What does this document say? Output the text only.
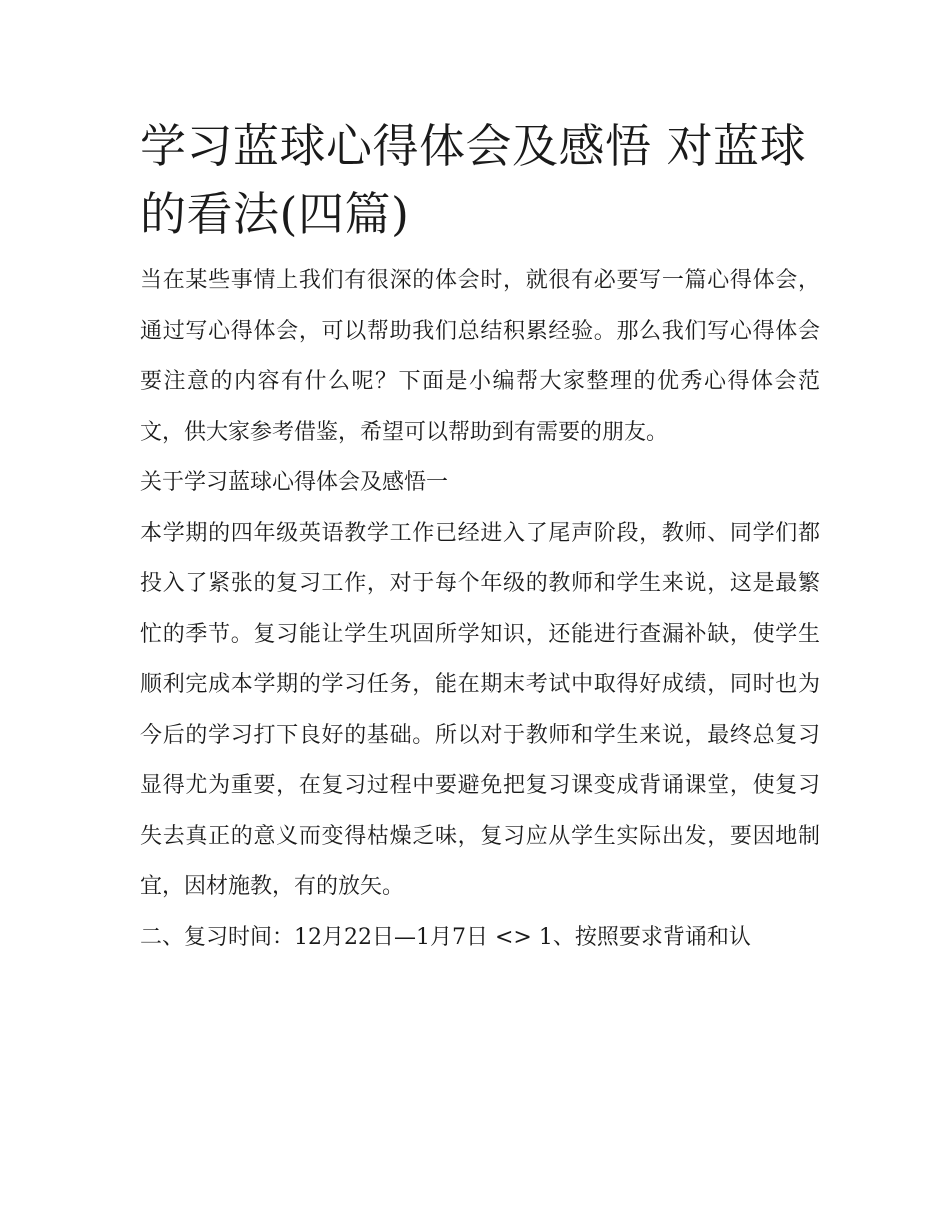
学习蓝球心得体会及感悟 对蓝球的看法(四篇)

当在某些事情上我们有很深的体会时，就很有必要写一篇心得体会，通过写心得体会，可以帮助我们总结积累经验。那么我们写心得体会要注意的内容有什么呢？下面是小编帮大家整理的优秀心得体会范文，供大家参考借鉴，希望可以帮助到有需要的朋友。

关于学习蓝球心得体会及感悟一

本学期的四年级英语教学工作已经进入了尾声阶段，教师、同学们都投入了紧张的复习工作，对于每个年级的教师和学生来说，这是最繁忙的季节。复习能让学生巩固所学知识，还能进行查漏补缺，使学生顺利完成本学期的学习任务，能在期末考试中取得好成绩，同时也为今后的学习打下良好的基础。所以对于教师和学生来说，最终总复习显得尤为重要，在复习过程中要避免把复习课变成背诵课堂，使复习失去真正的意义而变得枯燥乏味，复习应从学生实际出发，要因地制宜，因材施教，有的放矢。

二、复习时间：12月22日—1月7日 <> 1、按照要求背诵和认
